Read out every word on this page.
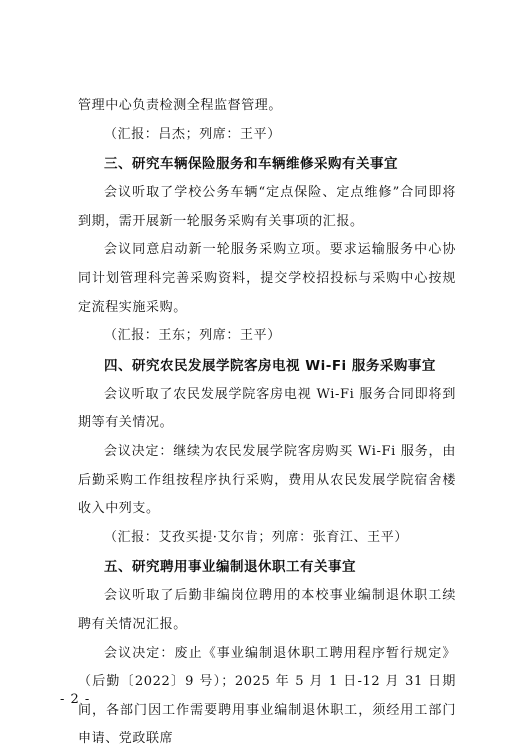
管理中心负责检测全程监督管理。

（汇报：吕杰；列席：王平）

三、研究车辆保险服务和车辆维修采购有关事宜

会议听取了学校公务车辆“定点保险、定点维修”合同即将到期，需开展新一轮服务采购有关事项的汇报。

会议同意启动新一轮服务采购立项。要求运输服务中心协同计划管理科完善采购资料，提交学校招投标与采购中心按规定流程实施采购。

（汇报：王东；列席：王平）

四、研究农民发展学院客房电视 Wi-Fi 服务采购事宜

会议听取了农民发展学院客房电视 Wi-Fi 服务合同即将到期等有关情况。

会议决定：继续为农民发展学院客房购买 Wi-Fi 服务，由后勤采购工作组按程序执行采购，费用从农民发展学院宿舍楼收入中列支。

（汇报：艾孜买提·艾尔肯；列席：张育江、王平）

五、研究聘用事业编制退休职工有关事宜

会议听取了后勤非编岗位聘用的本校事业编制退休职工续聘有关情况汇报。

会议决定：废止《事业编制退休职工聘用程序暂行规定》（后勤〔2022〕9 号）；2025 年 5 月 1 日-12 月 31 日期间，各部门因工作需要聘用事业编制退休职工，须经用工部门申请、党政联席

- 2 -
